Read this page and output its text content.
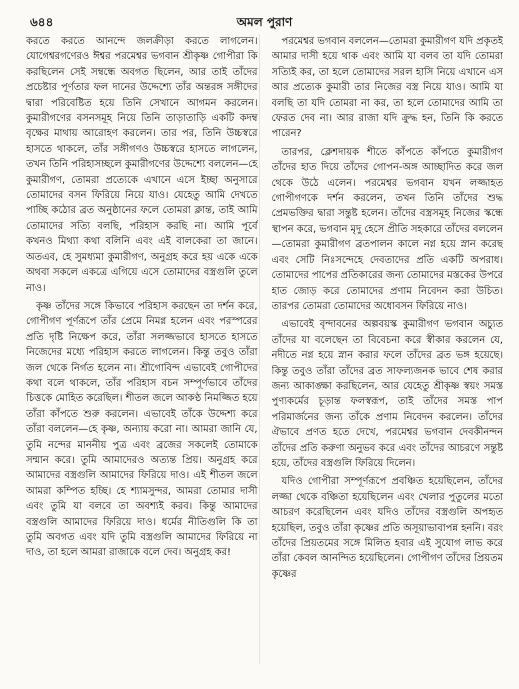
৬৪৪	অমল পুরাণ

করতে করতে আনন্দে জলক্রীড়া করতে লাগলেন। যোগেশ্বরগণেরও ঈশ্বর পরমেশ্বর ভগবান শ্রীকৃষ্ণ গোপীরা কি করছিলেন সেই সম্বন্ধে অবগত ছিলেন, আর তাই তাঁদের প্রচেষ্টার পূর্ণতার ফল দানের উদ্দেশ্যে তাঁর অন্তরঙ্গ সঙ্গীদের দ্বারা পরিবেষ্টিত হয়ে তিনি সেখানে আগমন করলেন। কুমারীগণের বসনসমূহ নিয়ে তিনি তাড়াতাড়ি একটি কদম্ব বৃক্ষের মাথায় আরোহণ করলেন। তার পর, তিনি উচ্চস্বরে হাসতে থাকলে, তাঁর সঙ্গীগণও উচ্চস্বরে হাসতে লাগলেন, তখন তিনি পরিহাসচ্ছলে কুমারীগণের উদ্দেশ্যে বললেন—হে কুমারীগণ, তোমরা প্রত্যেকে এখানে এসে ইচ্ছা অনুসারে তোমাদের বসন ফিরিয়ে নিয়ে যাও। যেহেতু আমি দেখতে পাচ্ছি কঠোর ব্রত অনুষ্ঠানের ফলে তোমরা ক্লান্ত, তাই আমি তোমাদের সত্যি বলছি, পরিহাস করছি না। আমি পূর্বে কখনও মিথ্যা কথা বলিনি এবং এই বালকেরা তা জানে। অতএব, হে সুমধ্যমা কুমারীগণ, অনুগ্রহ করে হয় একে একে অথবা সকলে একত্রে এগিয়ে এসে তোমাদের বস্ত্রগুলি তুলে নাও।

কৃষ্ণ তাঁদের সঙ্গে কিভাবে পরিহাস করছেন তা দর্শন করে, গোপীগণ পূর্ণরূপে তাঁর প্রেমে নিমগ্ন হলেন এবং পরস্পরের প্রতি দৃষ্টি নিক্ষেপ করে, তাঁরা সলজ্জভাবে হাসতে হাসতে নিজেদের মধ্যে পরিহাস করতে লাগলেন। কিন্তু তবুও তাঁরা জল থেকে নির্গত হলেন না। শ্রীগোবিন্দ এভাবেই গোপীদের কথা বলে থাকলে, তাঁর পরিহাস বচন সম্পূর্ণভাবে তাঁদের চিত্তকে মোহিত করেছিল। শীতল জলে আকণ্ঠ নিমজ্জিত হয়ে তাঁরা কাঁপতে শুরু করলেন। এভাবেই তাঁকে উদ্দেশ্য করে তাঁরা বললেন—হে কৃষ্ণ, অন্যায় করো না। আমরা জানি যে, তুমি নন্দের মাননীয় পুত্র এবং ব্রজের সকলেই তোমাকে সম্মান করে। তুমি আমাদেরও অত্যন্ত প্রিয়। অনুগ্রহ করে আমাদের বস্ত্রগুলি আমাদের ফিরিয়ে দাও। এই শীতল জলে আমরা কম্পিত হচ্ছি। হে শ্যামসুন্দর, আমরা তোমার দাসী এবং তুমি যা বলবে তা অবশ্যই করব। কিন্তু আমাদের বস্ত্রগুলি আমাদের ফিরিয়ে দাও। ধর্মের নীতিগুলি কি তা তুমি অবগত এবং যদি তুমি বস্ত্রগুলি আমাদের ফিরিয়ে না দাও, তা হলে আমরা রাজাকে বলে দেব। অনুগ্রহ কর!

পরমেশ্বর ভগবান বললেন—তোমরা কুমারীগণ যদি প্রকৃতই আমার দাসী হয়ে থাক এবং আমি যা বলব তা যদি তোমরা সত্যিই কর, তা হলে তোমাদের সরল হাসি নিয়ে এখানে এস আর প্রত্যেক কুমারী তার নিজের বস্ত্র নিয়ে যাও। আমি যা বলছি তা যদি তোমরা না কর, তা হলে তোমাদের আমি তা ফেরত দেব না। আর রাজা যদি ক্রুদ্ধ হন, তিনি কি করতে পারেন?

তারপর, ক্লেশদায়ক শীতে কাঁপতে কাঁপতে কুমারীগণ তাঁদের হাত দিয়ে তাঁদের গোপন-অঙ্গ আচ্ছাদিত করে জল থেকে উঠে এলেন। পরমেশ্বর ভগবান যখন লজ্জাহত গোপীগণকে দর্শন করলেন, তখন তিনি তাঁদের শুদ্ধ প্রেমভক্তির দ্বারা সন্তুষ্ট হলেন। তাঁদের বস্ত্রসমূহ নিজের স্কন্ধে স্থাপন করে, ভগবান মৃদু হেসে প্রীতি সহকারে তাঁদের বললেন—তোমরা কুমারীগণ ব্রতপালন কালে নগ্ন হয়ে স্নান করেছ এবং সেটি নিঃসন্দেহে দেবতাদের প্রতি একটি অপরাধ। তোমাদের পাপের প্রতিকারের জন্য তোমাদের মস্তকের উপরে হাত জোড় করে তোমাদের প্রণাম নিবেদন করা উচিত। তারপর তোমরা তোমাদের অধোবসন ফিরিয়ে নাও।

এভাবেই বৃন্দাবনের অল্পবয়স্ক কুমারীগণ ভগবান অচ্যুত তাঁদের যা বলেছেন তা বিবেচনা করে স্বীকার করলেন যে, নদীতে নগ্ন হয়ে স্নান করার ফলে তাঁদের ব্রত ভঙ্গ হয়েছে। কিন্তু তবুও তাঁরা তাঁদের ব্রত সাফল্যজনক ভাবে শেষ করার জন্য আকাঙ্ক্ষা করছিলেন, আর যেহেতু শ্রীকৃষ্ণ স্বয়ং সমস্ত পুণ্যকর্মের চূড়ান্ত ফলস্বরূপ, তাই তাঁদের সমস্ত পাপ পরিমার্জনের জন্য তাঁকে প্রণাম নিবেদন করলেন। তাঁদের ঐভাবে প্রণত হতে দেখে, পরমেশ্বর ভগবান দেবকীনন্দন তাঁদের প্রতি করুণা অনুভব করে এবং তাঁদের আচরণে সন্তুষ্ট হয়ে, তাঁদের বস্ত্রগুলি ফিরিয়ে দিলেন।

যদিও গোপীরা সম্পূর্ণরূপে প্রবঞ্চিত হয়েছিলেন, তাঁদের লজ্জা থেকে বঞ্চিতা হয়েছিলেন এবং খেলার পুতুলের মতো আচরণ করেছিলেন এবং যদিও তাঁদের বস্ত্রগুলি অপহৃত হয়েছিল, তবুও তাঁরা কৃষ্ণের প্রতি অসূয়াভাবাপন্ন হননি। বরং তাঁদের প্রিয়তমের সঙ্গে মিলিত হবার এই সুযোগ লাভ করে তাঁরা কেবল আনন্দিত হয়েছিলেন। গোপীগণ তাঁদের প্রিয়তম কৃষ্ণের
